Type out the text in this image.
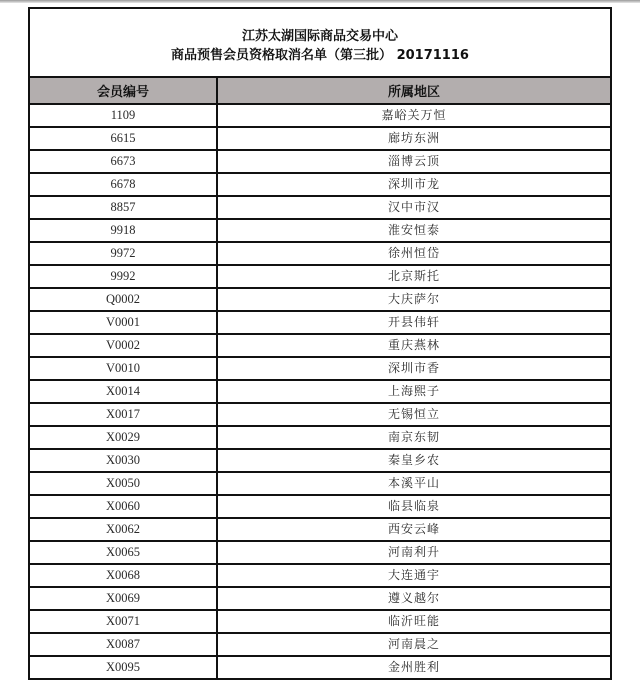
江苏太湖国际商品交易中心
商品预售会员资格取消名单（第三批） 20171116
会员编号	所属地区
1109	嘉峪关万恒
6615	廊坊东洲
6673	淄博云顶
6678	深圳市龙
8857	汉中市汉
9918	淮安恒泰
9972	徐州恒岱
9992	北京斯托
Q0002	大庆萨尔
V0001	开县伟轩
V0002	重庆燕林
V0010	深圳市香
X0014	上海熙子
X0017	无锡恒立
X0029	南京东韧
X0030	秦皇乡农
X0050	本溪平山
X0060	临县临泉
X0062	西安云峰
X0065	河南利升
X0068	大连通宇
X0069	遵义越尔
X0071	临沂旺能
X0087	河南晨之
X0095	金州胜利
